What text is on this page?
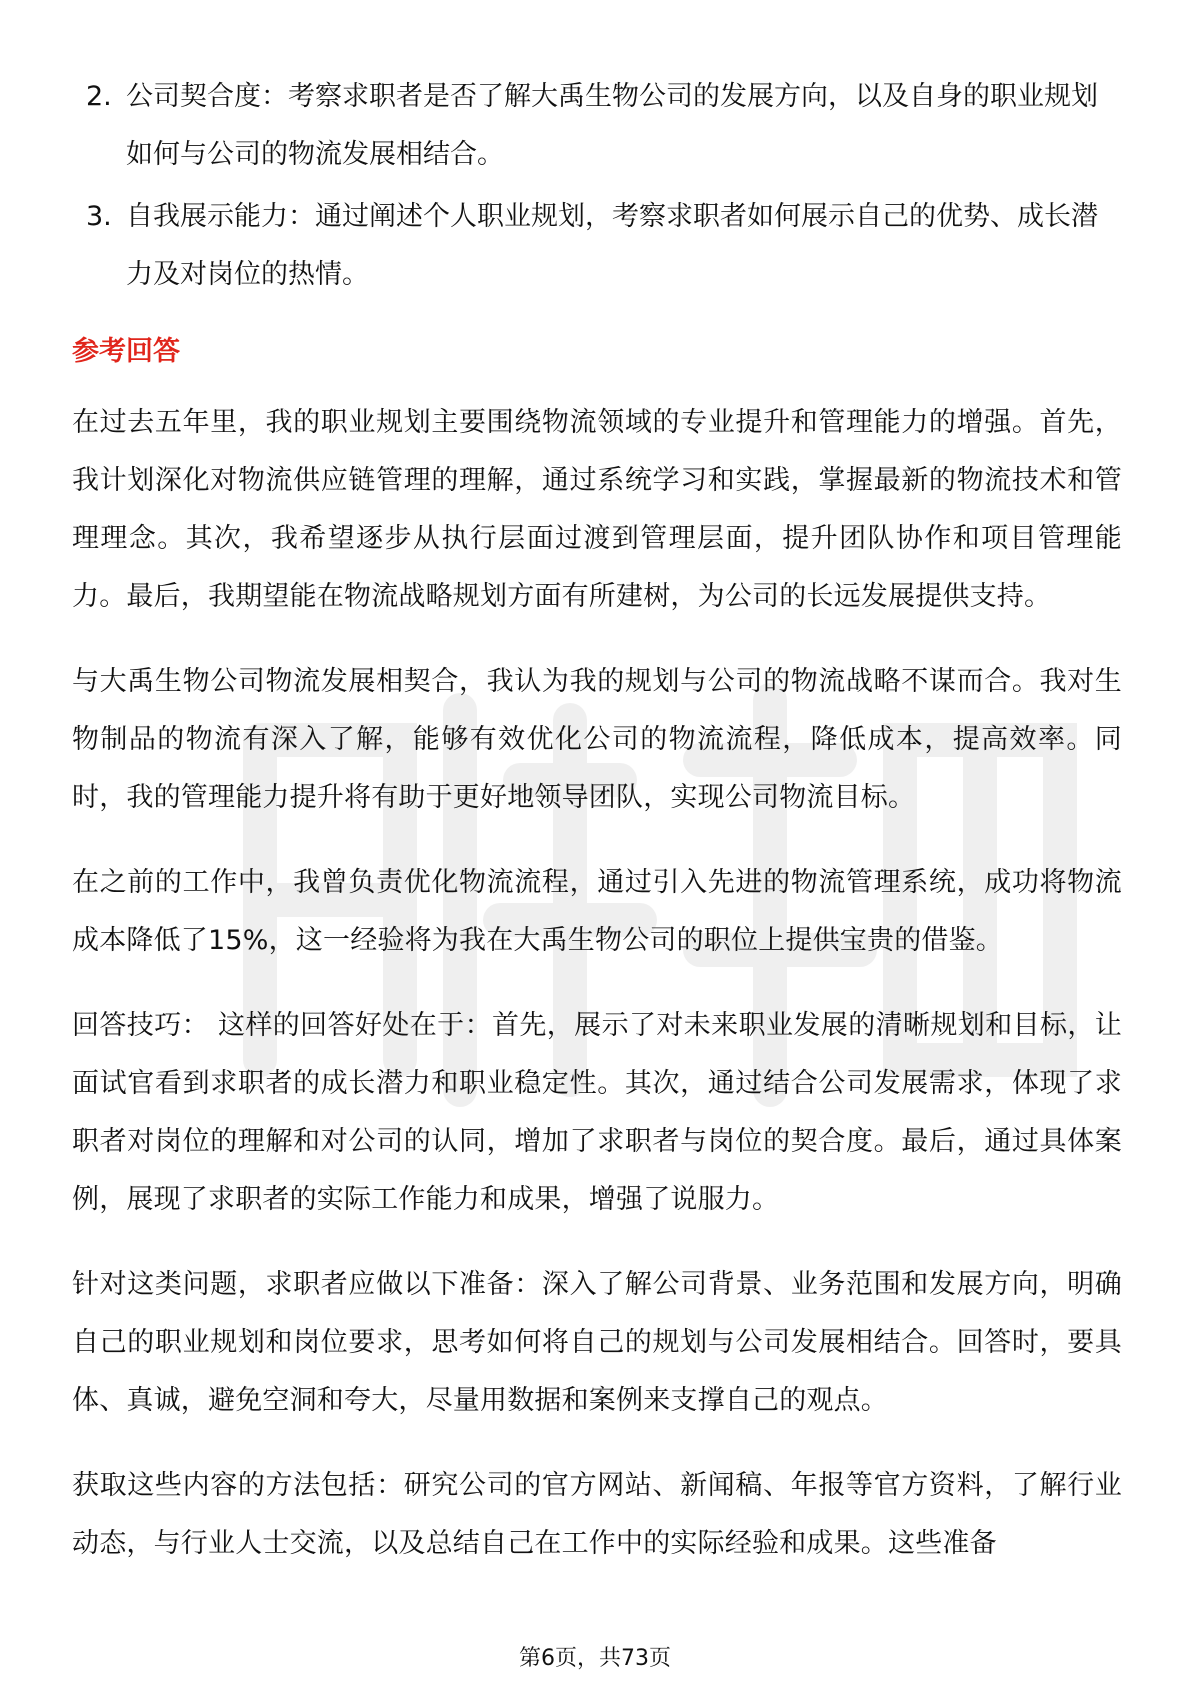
2. 公司契合度：考察求职者是否了解大禹生物公司的发展方向，以及自身的职业规划如何与公司的物流发展相结合。
3. 自我展示能力：通过阐述个人职业规划，考察求职者如何展示自己的优势、成长潜力及对岗位的热情。
参考回答

在过去五年里，我的职业规划主要围绕物流领域的专业提升和管理能力的增强。首先，我计划深化对物流供应链管理的理解，通过系统学习和实践，掌握最新的物流技术和管理理念。其次，我希望逐步从执行层面过渡到管理层面，提升团队协作和项目管理能力。最后，我期望能在物流战略规划方面有所建树，为公司的长远发展提供支持。

与大禹生物公司物流发展相契合，我认为我的规划与公司的物流战略不谋而合。我对生物制品的物流有深入了解，能够有效优化公司的物流流程，降低成本，提高效率。同时，我的管理能力提升将有助于更好地领导团队，实现公司物流目标。

在之前的工作中，我曾负责优化物流流程，通过引入先进的物流管理系统，成功将物流成本降低了15%，这一经验将为我在大禹生物公司的职位上提供宝贵的借鉴。

回答技巧： 这样的回答好处在于：首先，展示了对未来职业发展的清晰规划和目标，让面试官看到求职者的成长潜力和职业稳定性。其次，通过结合公司发展需求，体现了求职者对岗位的理解和对公司的认同，增加了求职者与岗位的契合度。最后，通过具体案例，展现了求职者的实际工作能力和成果，增强了说服力。

针对这类问题，求职者应做以下准备：深入了解公司背景、业务范围和发展方向，明确自己的职业规划和岗位要求，思考如何将自己的规划与公司发展相结合。回答时，要具体、真诚，避免空洞和夸大，尽量用数据和案例来支撑自己的观点。

获取这些内容的方法包括：研究公司的官方网站、新闻稿、年报等官方资料，了解行业动态，与行业人士交流，以及总结自己在工作中的实际经验和成果。这些准备

第6页，共73页
